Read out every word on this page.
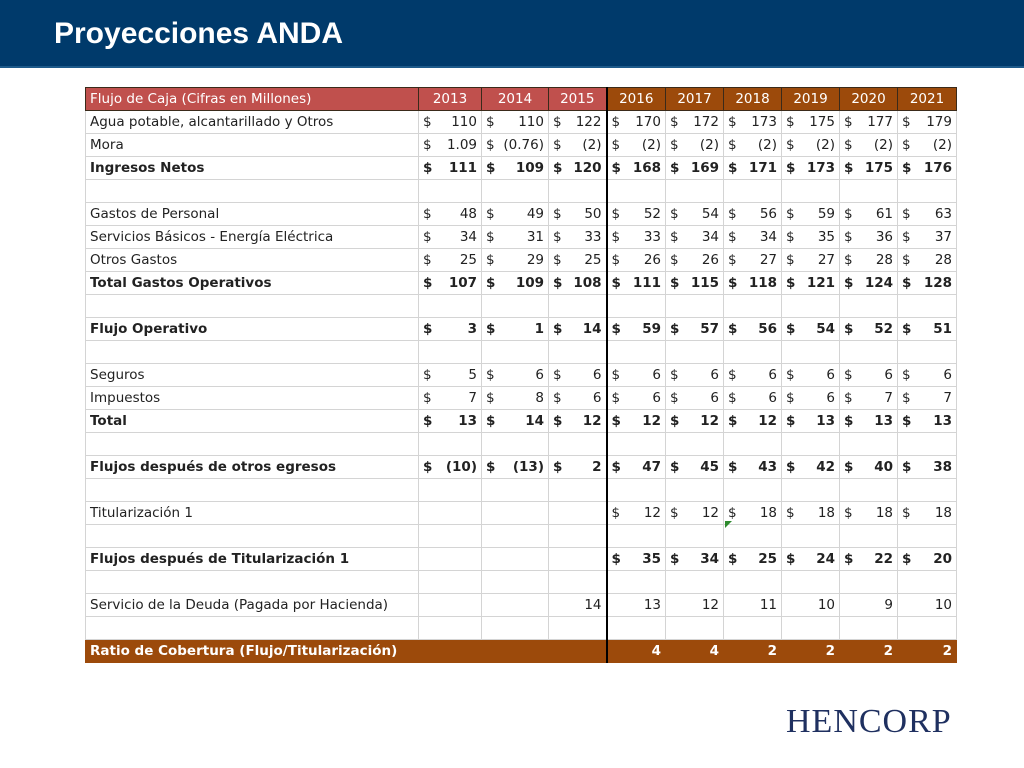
Proyecciones ANDA
Flujo de Caja (Cifras en Millones)	2013	2014	2015	2016	2017	2018	2019	2020	2021
Agua potable, alcantarillado y Otros	$ 110	$ 110	$ 122	$ 170	$ 172	$ 173	$ 175	$ 177	$ 179
Mora	$ 1.09	$ (0.76)	$ (2)	$ (2)	$ (2)	$ (2)	$ (2)	$ (2)	$ (2)
Ingresos Netos	$ 111	$ 109	$ 120	$ 168	$ 169	$ 171	$ 173	$ 175	$ 176

Gastos de Personal	$ 48	$ 49	$ 50	$ 52	$ 54	$ 56	$ 59	$ 61	$ 63
Servicios Básicos - Energía Eléctrica	$ 34	$ 31	$ 33	$ 33	$ 34	$ 34	$ 35	$ 36	$ 37
Otros Gastos	$ 25	$ 29	$ 25	$ 26	$ 26	$ 27	$ 27	$ 28	$ 28
Total Gastos Operativos	$ 107	$ 109	$ 108	$ 111	$ 115	$ 118	$ 121	$ 124	$ 128

Flujo Operativo	$ 3	$ 1	$ 14	$ 59	$ 57	$ 56	$ 54	$ 52	$ 51

Seguros	$ 5	$ 6	$ 6	$ 6	$ 6	$ 6	$ 6	$ 6	$ 6
Impuestos	$ 7	$ 8	$ 6	$ 6	$ 6	$ 6	$ 6	$ 7	$ 7
Total	$ 13	$ 14	$ 12	$ 12	$ 12	$ 12	$ 13	$ 13	$ 13

Flujos después de otros egresos	$ (10)	$ (13)	$ 2	$ 47	$ 45	$ 43	$ 42	$ 40	$ 38

Titularización 1				$ 12	$ 12	$ 18	$ 18	$ 18	$ 18

Flujos después de Titularización 1				$ 35	$ 34	$ 25	$ 24	$ 22	$ 20

Servicio de la Deuda (Pagada por Hacienda)			14	13	12	11	10	9	10

Ratio de Cobertura (Flujo/Titularización)				4	4	2	2	2	2
HENCORP
